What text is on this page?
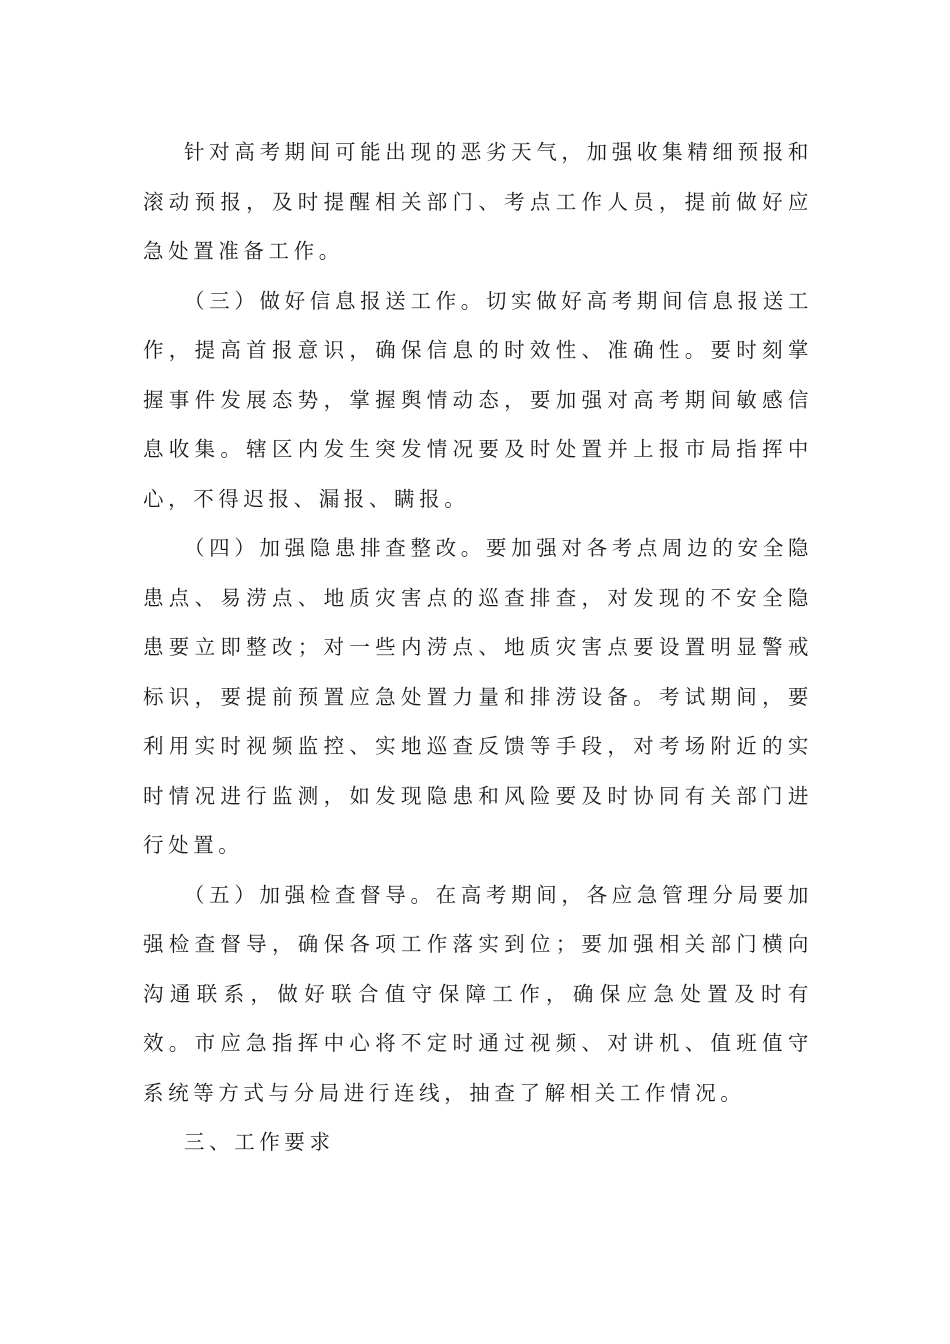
针对高考期间可能出现的恶劣天气，加强收集精细预报和滚动预报，及时提醒相关部门、考点工作人员，提前做好应急处置准备工作。

（三）做好信息报送工作。切实做好高考期间信息报送工作，提高首报意识，确保信息的时效性、准确性。要时刻掌握事件发展态势，掌握舆情动态，要加强对高考期间敏感信息收集。辖区内发生突发情况要及时处置并上报市局指挥中心，不得迟报、漏报、瞒报。

（四）加强隐患排查整改。要加强对各考点周边的安全隐患点、易涝点、地质灾害点的巡查排查，对发现的不安全隐患要立即整改；对一些内涝点、地质灾害点要设置明显警戒标识，要提前预置应急处置力量和排涝设备。考试期间，要利用实时视频监控、实地巡查反馈等手段，对考场附近的实时情况进行监测，如发现隐患和风险要及时协同有关部门进行处置。

（五）加强检查督导。在高考期间，各应急管理分局要加强检查督导，确保各项工作落实到位；要加强相关部门横向沟通联系，做好联合值守保障工作，确保应急处置及时有效。市应急指挥中心将不定时通过视频、对讲机、值班值守系统等方式与分局进行连线，抽查了解相关工作情况。

三、工作要求
